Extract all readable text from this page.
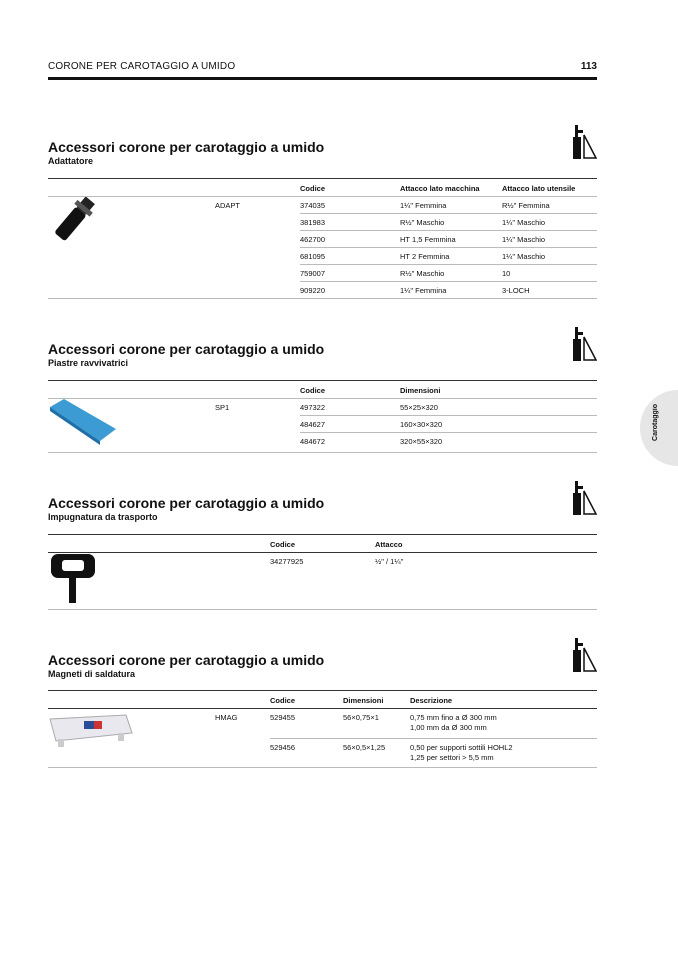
CORONE PER CAROTAGGIO A UMIDO	113
Carotaggio
Accessori corone per carotaggio a umido
Adattatore
Codice	Attacco lato macchina	Attacco lato utensile
ADAPT	374035	1¼" Femmina	R½" Femmina
381983	R½" Maschio	1¼" Maschio
462700	HT 1,5 Femmina	1¼" Maschio
681095	HT 2 Femmina	1¼" Maschio
759007	R½" Maschio	10
909220	1¼" Femmina	3-LOCH
Accessori corone per carotaggio a umido
Piastre ravvivatrici
Codice	Dimensioni
SP1	497322	55×25×320
484627	160×30×320
484672	320×55×320
Accessori corone per carotaggio a umido
Impugnatura da trasporto
Codice	Attacco
34277925	½" / 1¼"
Accessori corone per carotaggio a umido
Magneti di saldatura
Codice	Dimensioni	Descrizione
HMAG	529455	56×0,75×1	0,75 mm fino a Ø 300 mm
1,00 mm da Ø 300 mm
529456	56×0,5×1,25	0,50 per supporti sottili HOHL2
1,25 per settori > 5,5 mm
